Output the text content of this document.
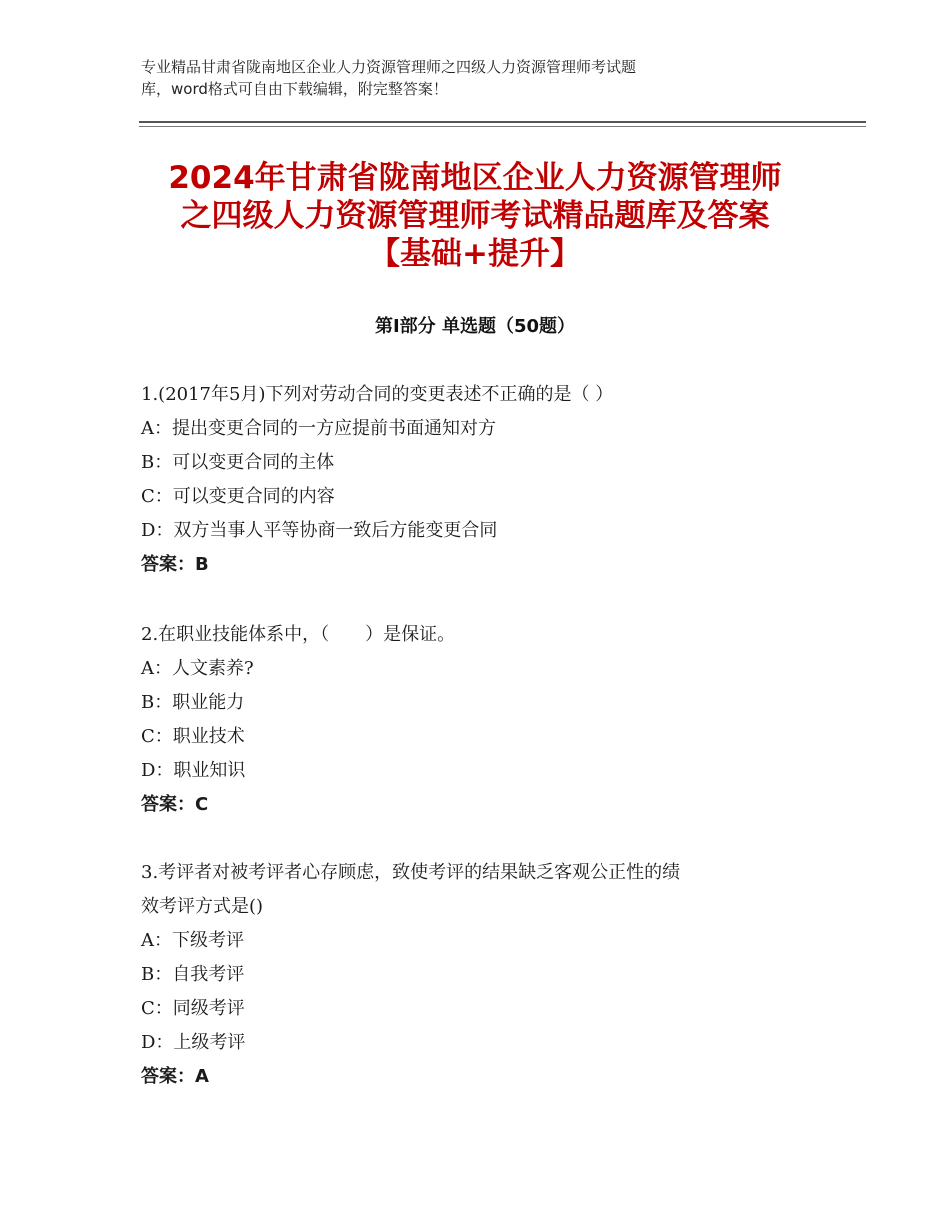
专业精品甘肃省陇南地区企业人力资源管理师之四级人力资源管理师考试题

库，word格式可自由下载编辑，附完整答案！

2024年甘肃省陇南地区企业人力资源管理师

之四级人力资源管理师考试精品题库及答案

【基础+提升】

第Ⅰ部分 单选题（50题）
1.(2017年5月)下列对劳动合同的变更表述不正确的是（ ）
A：提出变更合同的一方应提前书面通知对方
B：可以变更合同的主体
C：可以变更合同的内容
D：双方当事人平等协商一致后方能变更合同
答案：B
2.在职业技能体系中，（　　）是保证。
A：人文素养?
B：职业能力
C：职业技术
D：职业知识
答案：C
3.考评者对被考评者心存顾虑，致使考评的结果缺乏客观公正性的绩
效考评方式是()
A：下级考评
B：自我考评
C：同级考评
D：上级考评
答案：A
